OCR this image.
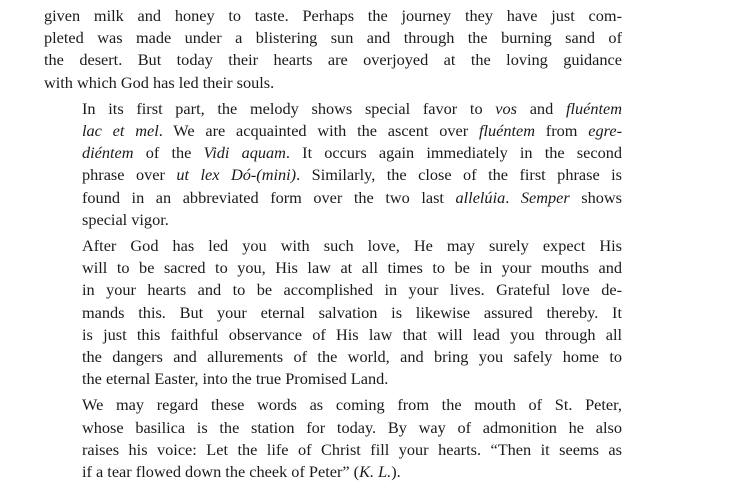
given milk and honey to taste. Perhaps the journey they have just com-
pleted was made under a blistering sun and through the burning sand of
the desert. But today their hearts are overjoyed at the loving guidance
with which God has led their souls.

In its first part, the melody shows special favor to vos and fluéntem
lac et mel. We are acquainted with the ascent over fluéntem from egre-
diéntem of the Vidi aquam. It occurs again immediately in the second
phrase over ut lex Dó-(mini). Similarly, the close of the first phrase is
found in an abbreviated form over the two last allelúia. Semper shows
special vigor.

After God has led you with such love, He may surely expect His
will to be sacred to you, His law at all times to be in your mouths and
in your hearts and to be accomplished in your lives. Grateful love de-
mands this. But your eternal salvation is likewise assured thereby. It
is just this faithful observance of His law that will lead you through all
the dangers and allurements of the world, and bring you safely home to
the eternal Easter, into the true Promised Land.

We may regard these words as coming from the mouth of St. Peter,
whose basilica is the station for today. By way of admonition he also
raises his voice: Let the life of Christ fill your hearts. “Then it seems as
if a tear flowed down the cheek of Peter” (K. L.).
